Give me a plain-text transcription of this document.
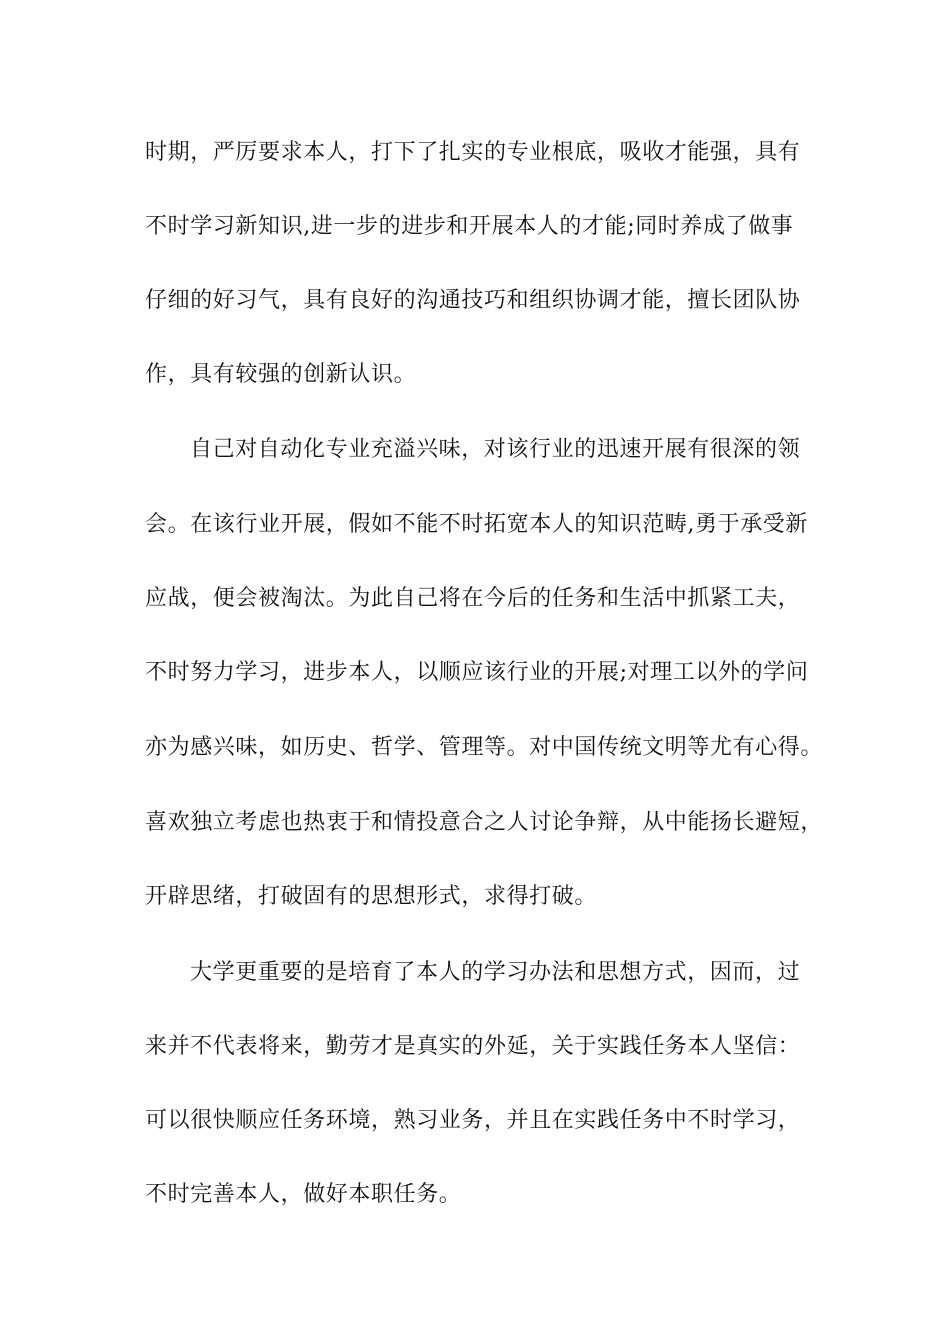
时期，严厉要求本人，打下了扎实的专业根底，吸收才能强，具有
不时学习新知识,进一步的进步和开展本人的才能;同时养成了做事
仔细的好习气，具有良好的沟通技巧和组织协调才能，擅长团队协
作，具有较强的创新认识。
自己对自动化专业充溢兴味，对该行业的迅速开展有很深的领
会。在该行业开展，假如不能不时拓宽本人的知识范畴,勇于承受新
应战，便会被淘汰。为此自己将在今后的任务和生活中抓紧工夫，
不时努力学习，进步本人，以顺应该行业的开展;对理工以外的学问
亦为感兴味，如历史、哲学、管理等。对中国传统文明等尤有心得。
喜欢独立考虑也热衷于和情投意合之人讨论争辩，从中能扬长避短，
开辟思绪，打破固有的思想形式，求得打破。
大学更重要的是培育了本人的学习办法和思想方式，因而，过
来并不代表将来，勤劳才是真实的外延，关于实践任务本人坚信：
可以很快顺应任务环境，熟习业务，并且在实践任务中不时学习，
不时完善本人，做好本职任务。
